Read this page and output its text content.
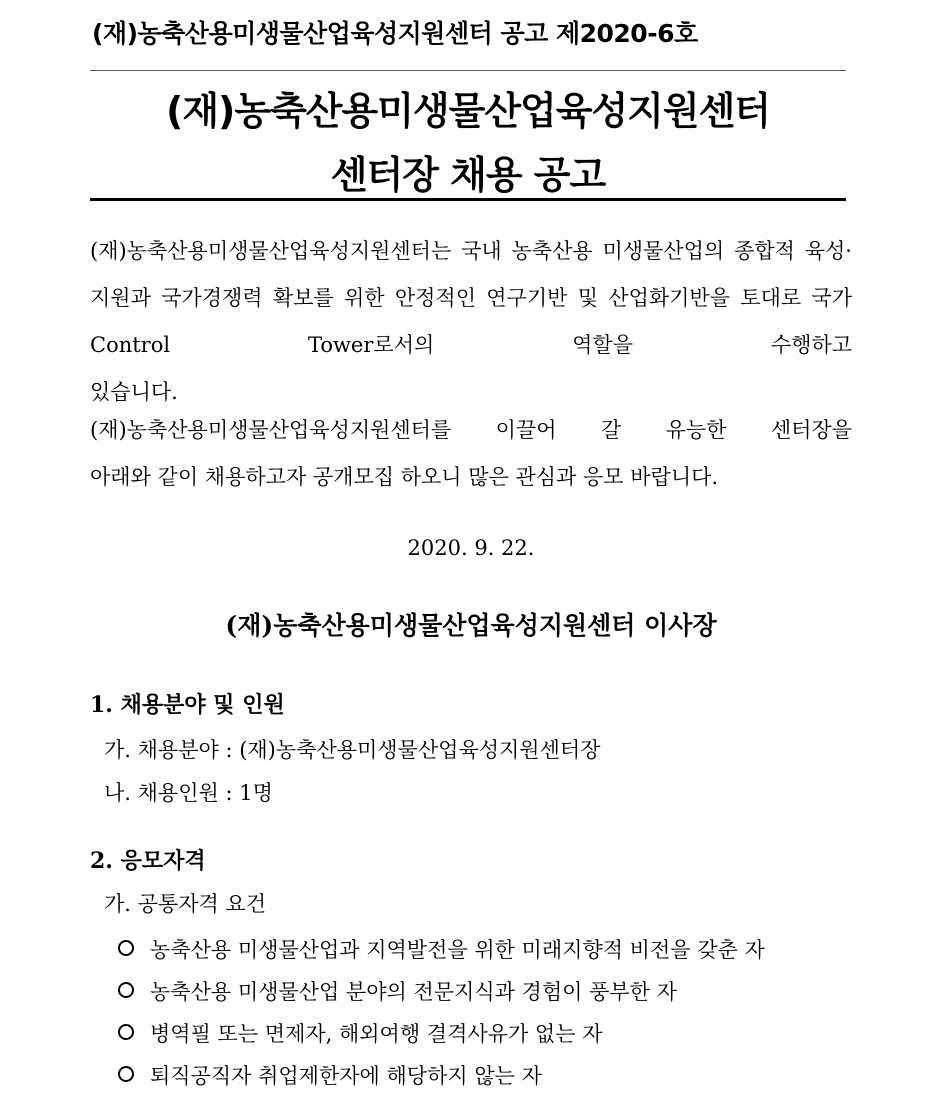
(재)농축산용미생물산업육성지원센터 공고 제2020-6호
(재)농축산용미생물산업육성지원센터
센터장 채용 공고

(재)농축산용미생물산업육성지원센터는 국내 농축산용 미생물산업의 종합적 육성·지원과 국가경쟁력 확보를 위한 안정적인 연구기반 및 산업화기반을 토대로 국가 Control Tower로서의 역할을 수행하고
있습니다.

(재)농축산용미생물산업육성지원센터를 이끌어 갈 유능한 센터장을
아래와 같이 채용하고자 공개모집 하오니 많은 관심과 응모 바랍니다.

2020. 9. 22.
(재)농축산용미생물산업육성지원센터 이사장
1. 채용분야 및 인원
가. 채용분야 : (재)농축산용미생물산업육성지원센터장
나. 채용인원 : 1명
2. 응모자격
가. 공통자격 요건
농축산용 미생물산업과 지역발전을 위한 미래지향적 비전을 갖춘 자
농축산용 미생물산업 분야의 전문지식과 경험이 풍부한 자
병역필 또는 면제자, 해외여행 결격사유가 없는 자
퇴직공직자 취업제한자에 해당하지 않는 자
